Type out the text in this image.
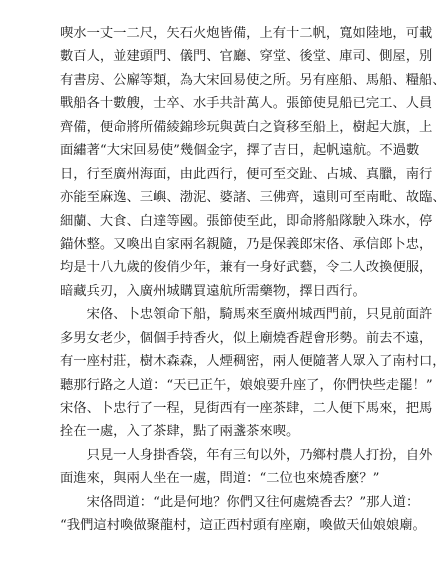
喫水一丈一二尺，矢石火炮皆備，上有十二帆，寬如陸地，可載
數百人，並建頭門、儀門、官廳、穿堂、後堂、庫司、側屋，別
有書房、公廨等類，為大宋回易使之所。另有座船、馬船、糧船、
戰船各十數艘，士卒、水手共計萬人。張節使見船已完工、人員
齊備，便命將所備綾錦珍玩與黃白之資移至船上，樹起大旗，上
面繡著“大宋回易使”幾個金字，擇了吉日，起帆遠航。不過數
日，行至廣州海面，由此西行，便可至交趾、占城、真臘，南行
亦能至麻逸、三嶼、渤泥、婆諸、三佛齊，遠則可至南毗、故臨、
細蘭、大食、白達等國。張節使至此，即命將船隊駛入珠水，停
錨休整。又喚出自家兩名親隨，乃是保義郎宋佫、承信郎卜忠，
均是十八九歲的俊俏少年，兼有一身好武藝，令二人改換便服，
暗藏兵刃，入廣州城購買遠航所需藥物，擇日西行。
宋佫、卜忠領命下船，騎馬來至廣州城西門前，只見前面許
多男女老少，個個手持香火，似上廟燒香趕會形勢。前去不遠，
有一座村莊，樹木森森，人煙稠密，兩人便隨著人眾入了南村口，
聽那行路之人道：“天已正午，娘娘要升座了，你們快些走罷！”
宋佫、卜忠行了一程，見街西有一座茶肆，二人便下馬來，把馬
拴在一處，入了茶肆，點了兩盞茶來喫。
只見一人身掛香袋，年有三旬以外，乃鄉村農人打扮，自外
面進來，與兩人坐在一處，問道：“二位也來燒香麼？”
宋佫問道：“此是何地？你們又往何處燒香去？”那人道：
“我們這村喚做聚龍村，這正西村頭有座廟，喚做天仙娘娘廟。
